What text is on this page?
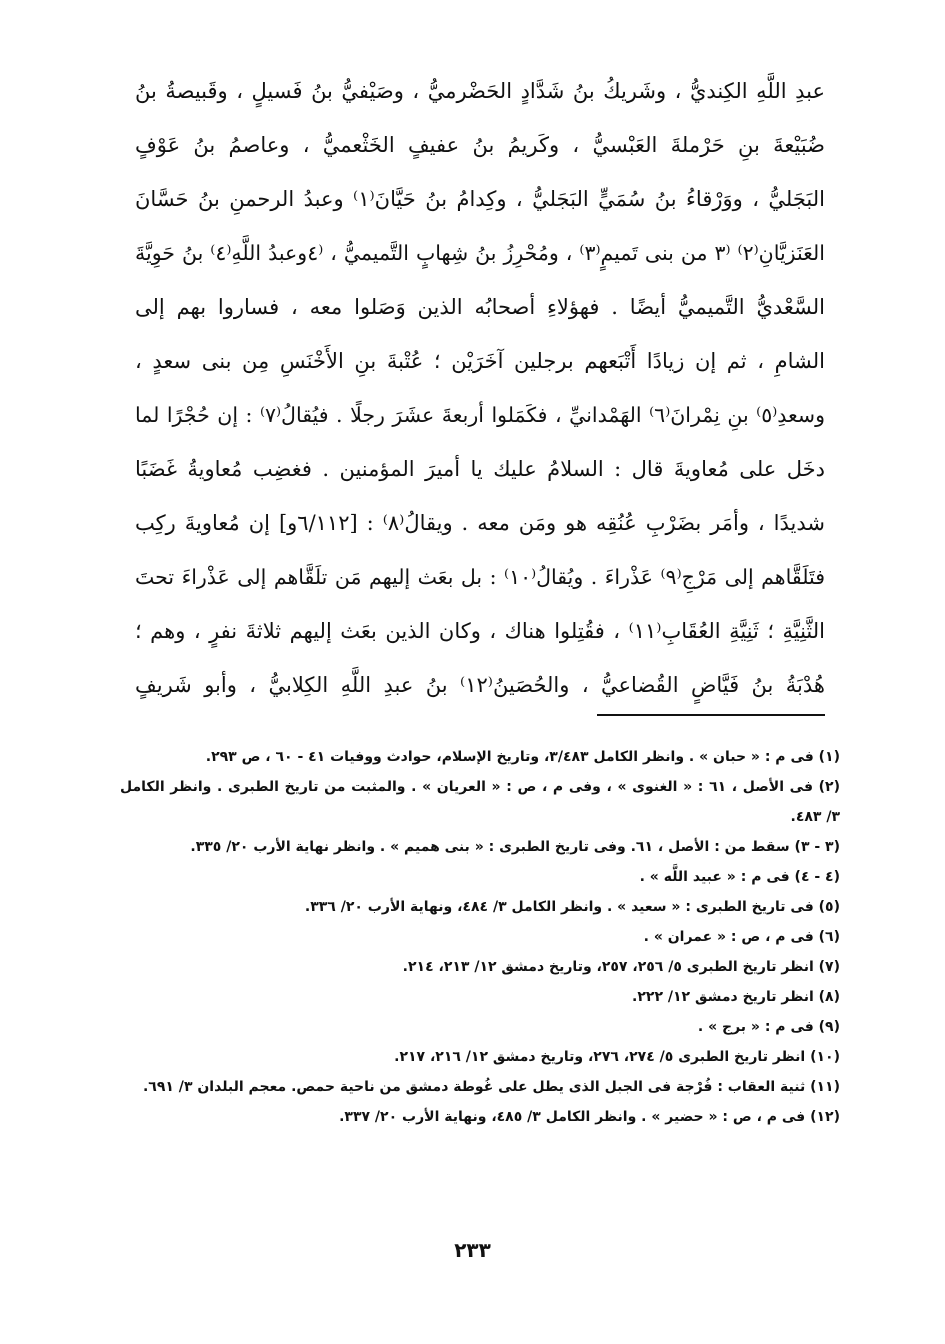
عبدِ اللَّهِ الكِنديُّ ، وشَريكُ بنُ شَدَّادٍ الحَضْرميُّ ، وصَيْفيُّ بنُ فَسيلٍ ، وقَبيصةُ بنُ
ضُبَيْعةَ بنِ حَرْملةَ العَبْسيُّ ، وكَريمُ بنُ عفيفٍ الخَثْعميُّ ، وعاصمُ بنُ عَوْفٍ
البَجَليُّ ، ووَرْقاءُ بنُ سُمَيٍّ البَجَليُّ ، وكِدامُ بنُ حَيَّانَ⁽١⁾ وعبدُ الرحمنِ بنُ حَسَّانَ
العَنَزيَّانِ⁽٢⁾ ⁽٣ من بنى تَميمٍ⁽٣⁾ ، ومُحْرِزُ بنُ شِهابٍ التَّميميُّ ، ⁽٤وعبدُ اللَّهِ⁽٤⁾ بنُ حَوِيَّةَ
السَّعْديُّ التَّميميُّ أيضًا . فهؤلاءِ أصحابُه الذين وَصَلوا معه ، فساروا بهم إلى
الشامِ ، ثم إن زيادًا أَتْبَعهم برجلين آخَرَيْن ؛ عُتْبةَ بنِ الأَخْنَسِ مِن بنى سعدٍ ،
وسعدِ⁽٥⁾ بنِ نِمْرانَ⁽٦⁾ الهَمْدانيِّ ، فكَمَلوا أربعةَ عشَرَ رجلًا . فيُقالُ⁽٧⁾ : إن حُجْرًا لما
دخَل على مُعاويةَ قال : السلامُ عليك يا أميرَ المؤمنين . فغضِب مُعاويةُ غَضَبًا
شديدًا ، وأمَر بضَرْبِ عُنُقِه هو ومَن معه . ويقالُ⁽٨⁾ : [٦/١١٢و] إن مُعاويةَ ركِب
فتَلَقَّاهم إلى مَرْجِ⁽٩⁾ عَذْراءَ . ويُقالُ⁽١٠⁾ : بل بعَث إليهم مَن تلَقَّاهم إلى عَذْراءَ تحتَ
الثَّنِيَّةِ ؛ ثَنِيَّةِ العُقَابِ⁽١١⁾ ، فقُتِلوا هناك ، وكان الذين بعَث إليهم ثلاثةَ نفرٍ ، وهم ؛
هُدْبَةُ بنُ فَيَّاضٍ القُضاعيُّ ، والحُصَينُ⁽١٢⁾ بنُ عبدِ اللَّهِ الكِلابيُّ ، وأبو شَريفٍ
(١) فى م : « حبان » . وانظر الكامل ٣/٤٨٣، وتاريخ الإسلام، حوادث ووفيات ٤١ - ٦٠ ، ص ٢٩٣.
(٢) فى الأصل ، ٦١ : « الغنوى » ، وفى م ، ص : « العريان » . والمثبت من تاريخ الطبرى . وانظر الكامل
٣/ ٤٨٣.
(٣ - ٣) سقط من : الأصل ، ٦١. وفى تاريخ الطبرى : « بنى هميم » . وانظر نهاية الأرب ٢٠/ ٣٣٥.
(٤ - ٤) فى م : « عبيد اللَّه » .
(٥) فى تاريخ الطبرى : « سعيد » . وانظر الكامل ٣/ ٤٨٤، ونهاية الأرب ٢٠/ ٣٣٦.
(٦) فى م ، ص : « عمران » .
(٧) انظر تاريخ الطبرى ٥/ ٢٥٦، ٢٥٧، وتاريخ دمشق ١٢/ ٢١٣، ٢١٤.
(٨) انظر تاريخ دمشق ١٢/ ٢٢٢.
(٩) فى م : « برج » .
(١٠) انظر تاريخ الطبرى ٥/ ٢٧٤، ٢٧٦، وتاريخ دمشق ١٢/ ٢١٦، ٢١٧.
(١١) ثنية العقاب : فُرْجة فى الجبل الذى يطل على غُوطة دمشق من ناحية حمص. معجم البلدان ٣/ ٦٩١.
(١٢) فى م ، ص : « حضير » . وانظر الكامل ٣/ ٤٨٥، ونهاية الأرب ٢٠/ ٣٣٧.
٢٣٣
